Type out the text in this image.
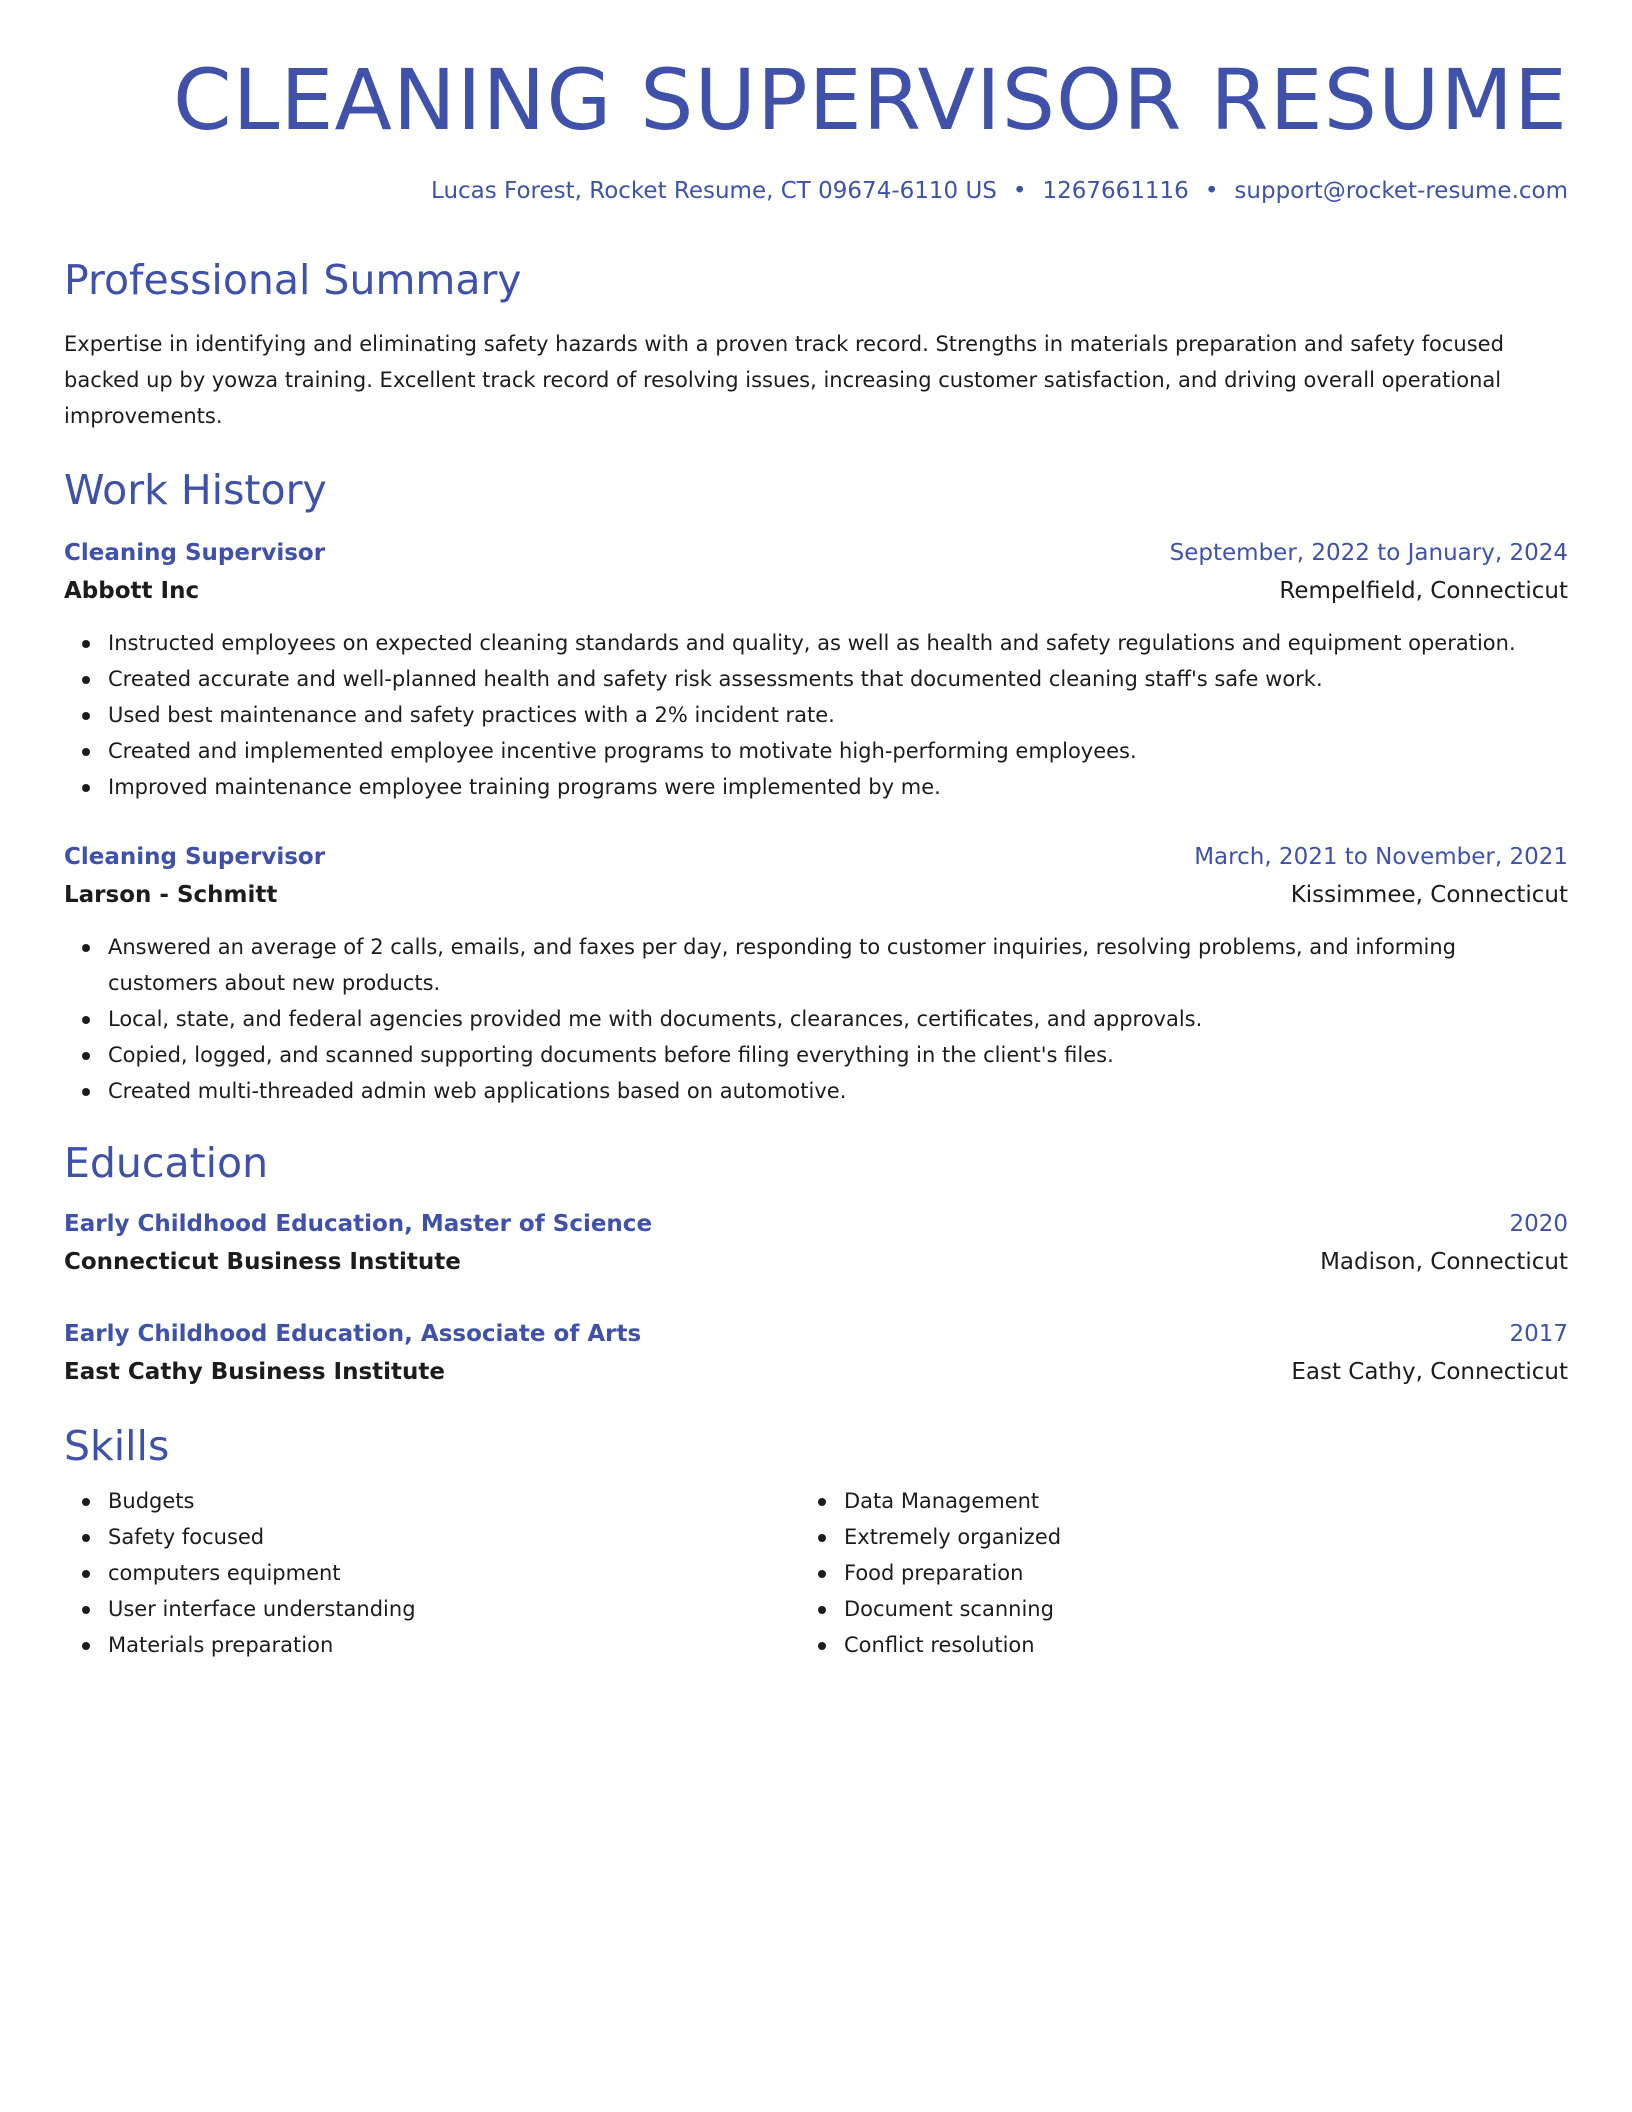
CLEANING SUPERVISOR RESUME
Lucas Forest, Rocket Resume, CT 09674-6110 US • 1267661116 • support@rocket-resume.com
Professional Summary

Expertise in identifying and eliminating safety hazards with a proven track record. Strengths in materials preparation and safety focused backed up by yowza training. Excellent track record of resolving issues, increasing customer satisfaction, and driving overall operational improvements.

Work History
Cleaning Supervisor	September, 2022 to January, 2024
Abbott Inc	Rempelfield, Connecticut
Instructed employees on expected cleaning standards and quality, as well as health and safety regulations and equipment operation.
Created accurate and well-planned health and safety risk assessments that documented cleaning staff's safe work.
Used best maintenance and safety practices with a 2% incident rate.
Created and implemented employee incentive programs to motivate high-performing employees.
Improved maintenance employee training programs were implemented by me.
Cleaning Supervisor	March, 2021 to November, 2021
Larson - Schmitt	Kissimmee, Connecticut
Answered an average of 2 calls, emails, and faxes per day, responding to customer inquiries, resolving problems, and informing customers about new products.
Local, state, and federal agencies provided me with documents, clearances, certificates, and approvals.
Copied, logged, and scanned supporting documents before filing everything in the client's files.
Created multi-threaded admin web applications based on automotive.
Education
Early Childhood Education, Master of Science	2020
Connecticut Business Institute	Madison, Connecticut
Early Childhood Education, Associate of Arts	2017
East Cathy Business Institute	East Cathy, Connecticut
Skills
Budgets
Safety focused
computers equipment
User interface understanding
Materials preparation
Data Management
Extremely organized
Food preparation
Document scanning
Conflict resolution
